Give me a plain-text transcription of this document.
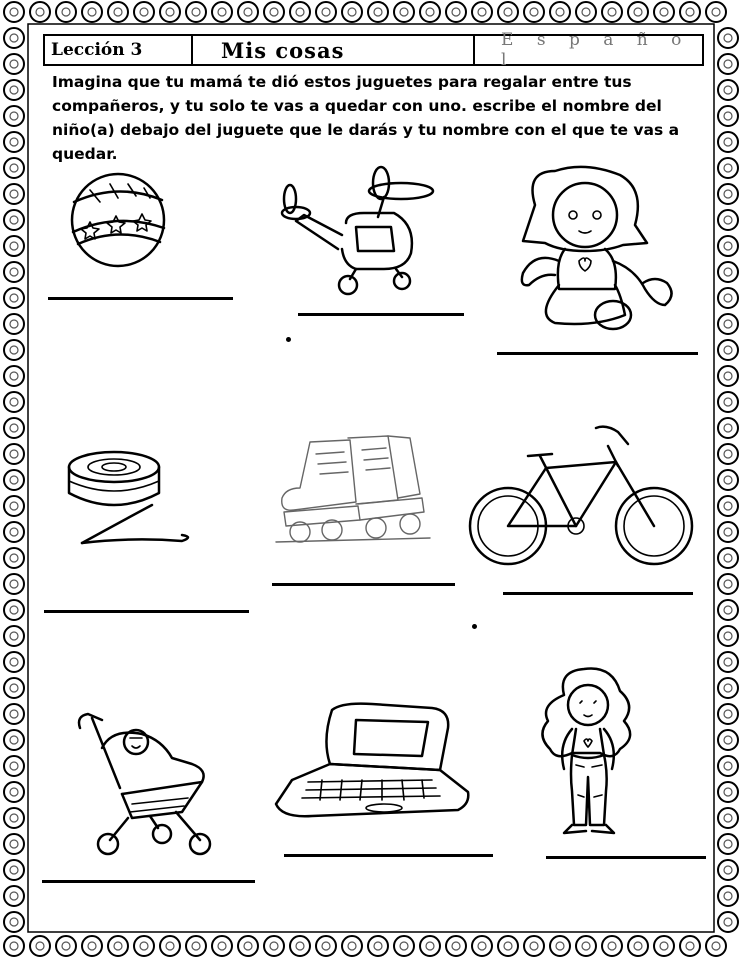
Lección 3	Mis cosas	E s p a ñ o l
Imagina que tu mamá te dió estos juguetes para regalar entre tus compañeros, y tu solo te vas a quedar con uno. escribe el nombre del niño(a) debajo del juguete que le darás y tu nombre con el que te vas a quedar.
